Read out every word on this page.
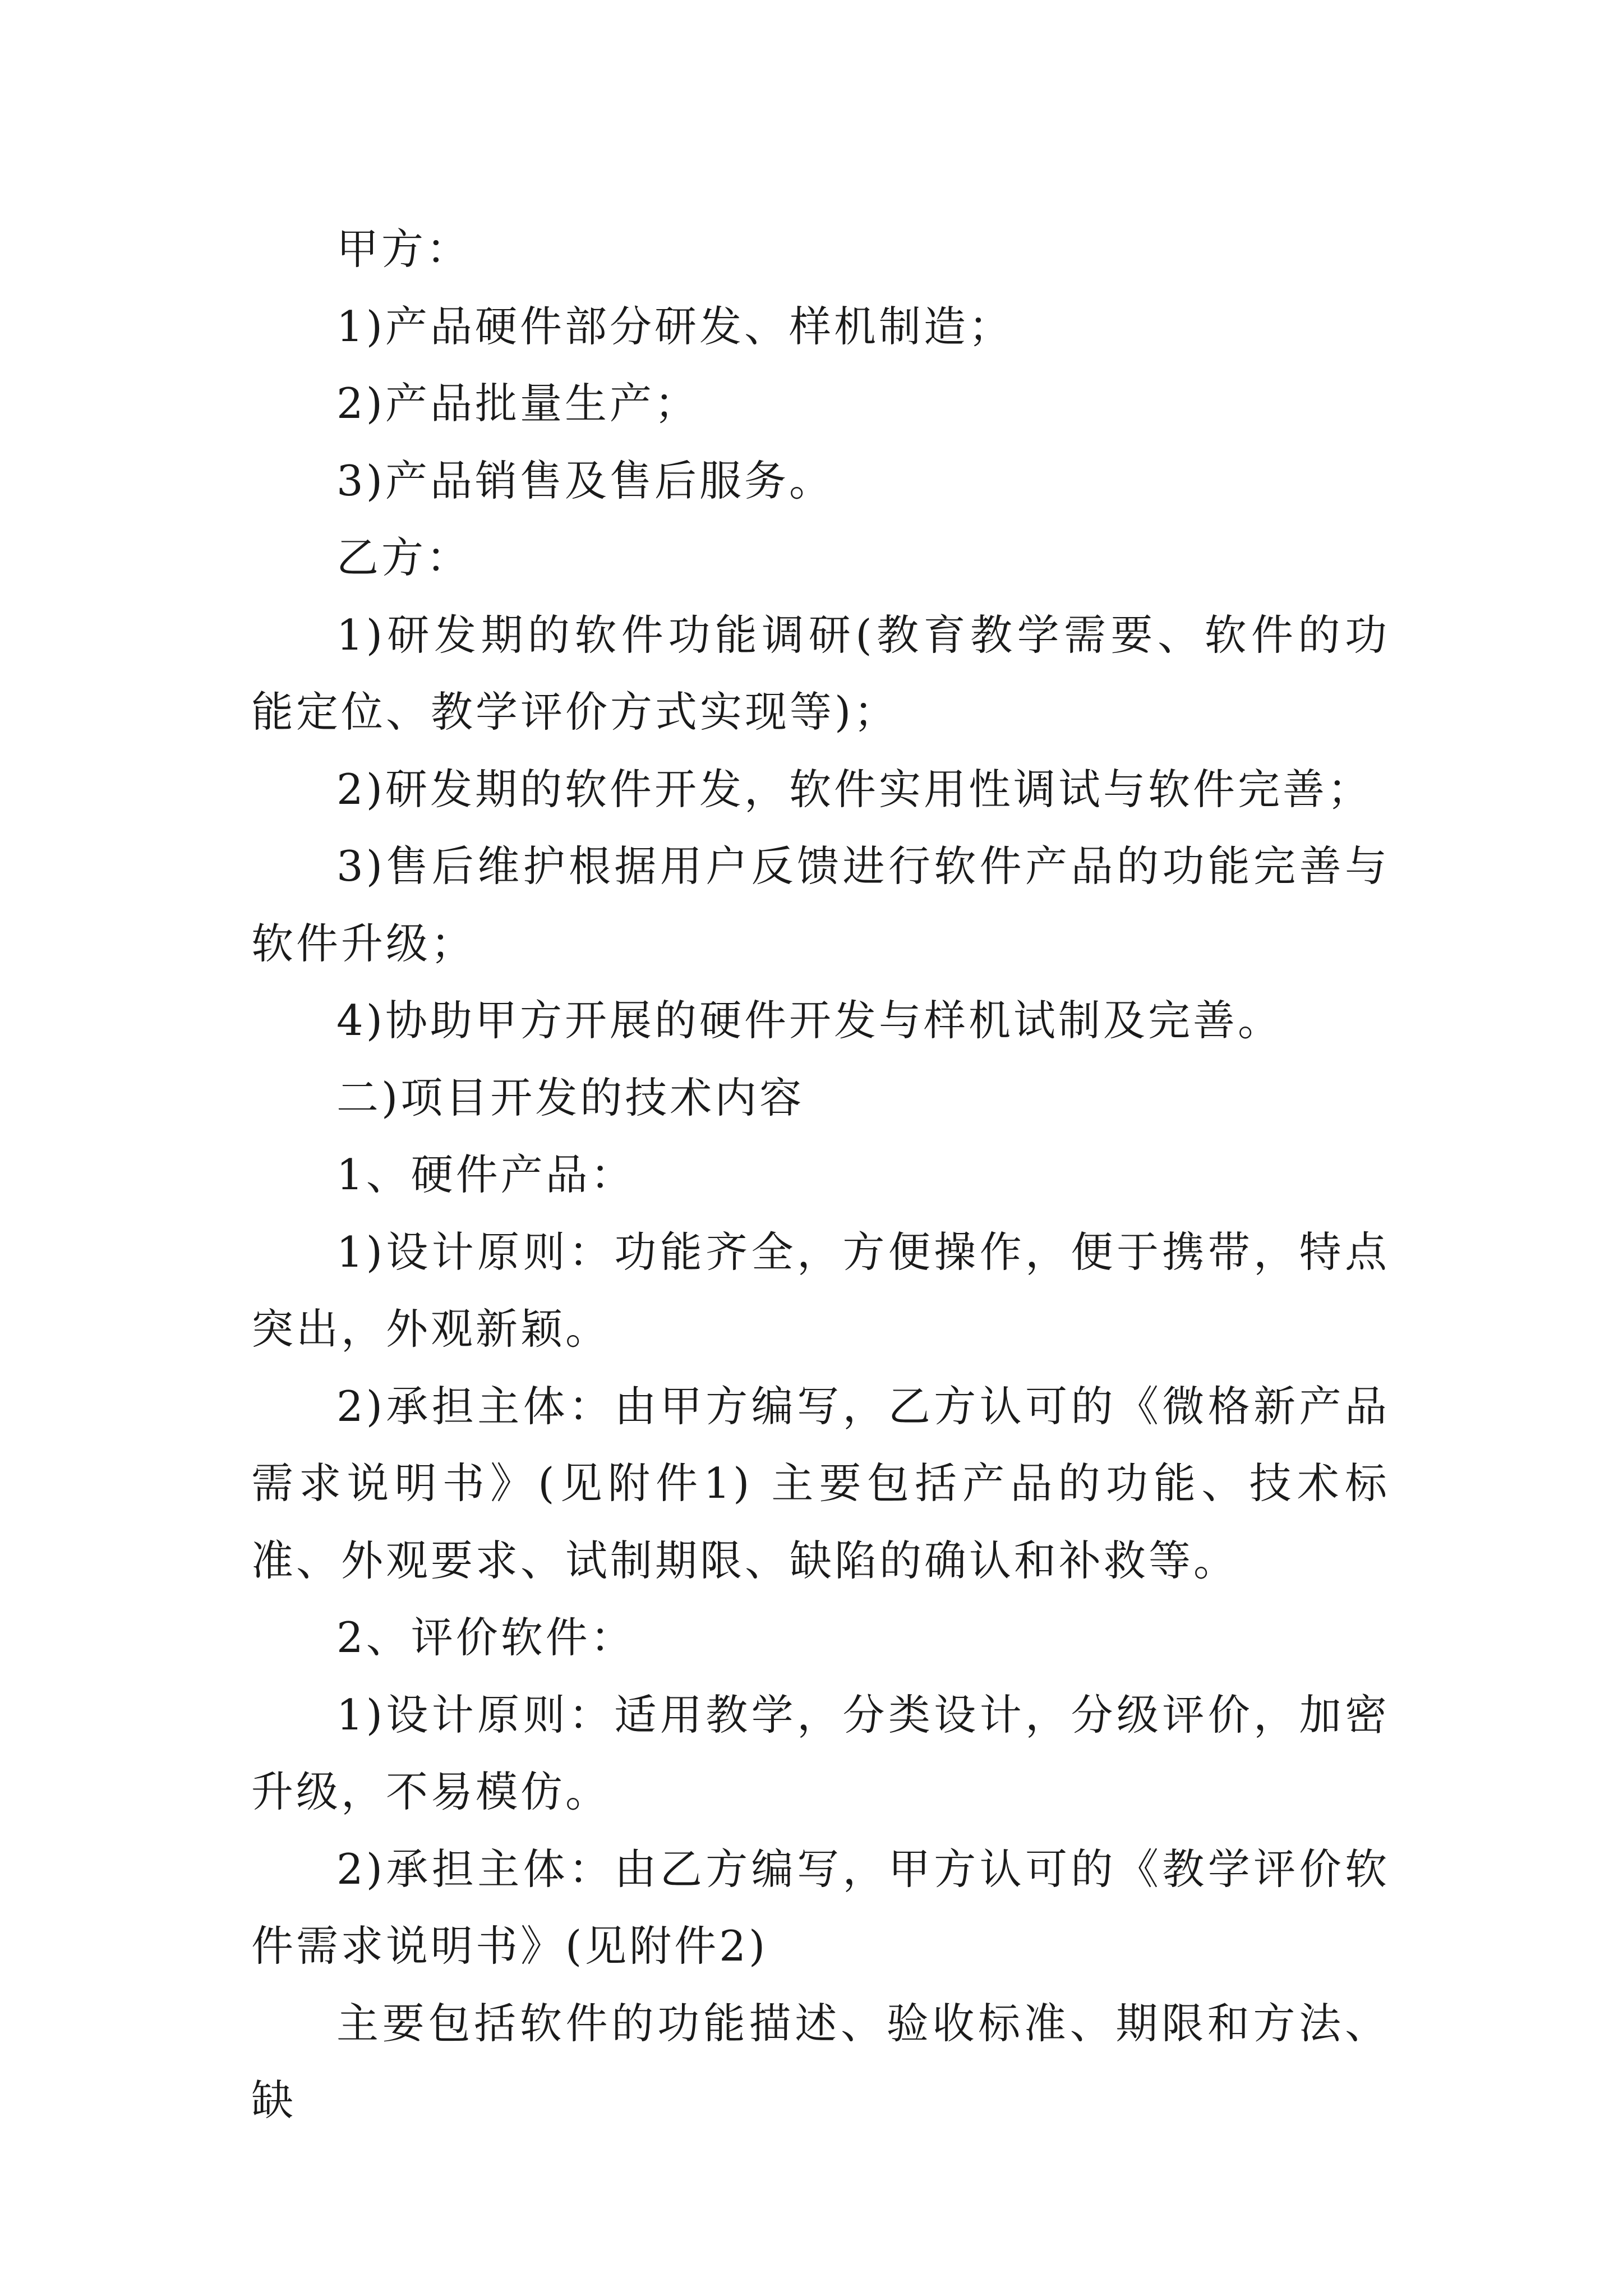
甲方：

1)产品硬件部分研发、样机制造；

2)产品批量生产；

3)产品销售及售后服务。

乙方：

1)研发期的软件功能调研(教育教学需要、软件的功能定位、教学评价方式实现等)；

2)研发期的软件开发，软件实用性调试与软件完善；

3)售后维护根据用户反馈进行软件产品的功能完善与软件升级；

4)协助甲方开展的硬件开发与样机试制及完善。

二)项目开发的技术内容

1、硬件产品：

1)设计原则：功能齐全，方便操作，便于携带，特点突出，外观新颖。

2)承担主体：由甲方编写，乙方认可的《微格新产品需求说明书》(见附件1) 主要包括产品的功能、技术标准、外观要求、试制期限、缺陷的确认和补救等。

2、评价软件：

1)设计原则：适用教学，分类设计，分级评价，加密升级，不易模仿。

2)承担主体：由乙方编写，甲方认可的《教学评价软件需求说明书》(见附件2)

主要包括软件的功能描述、验收标准、期限和方法、缺
